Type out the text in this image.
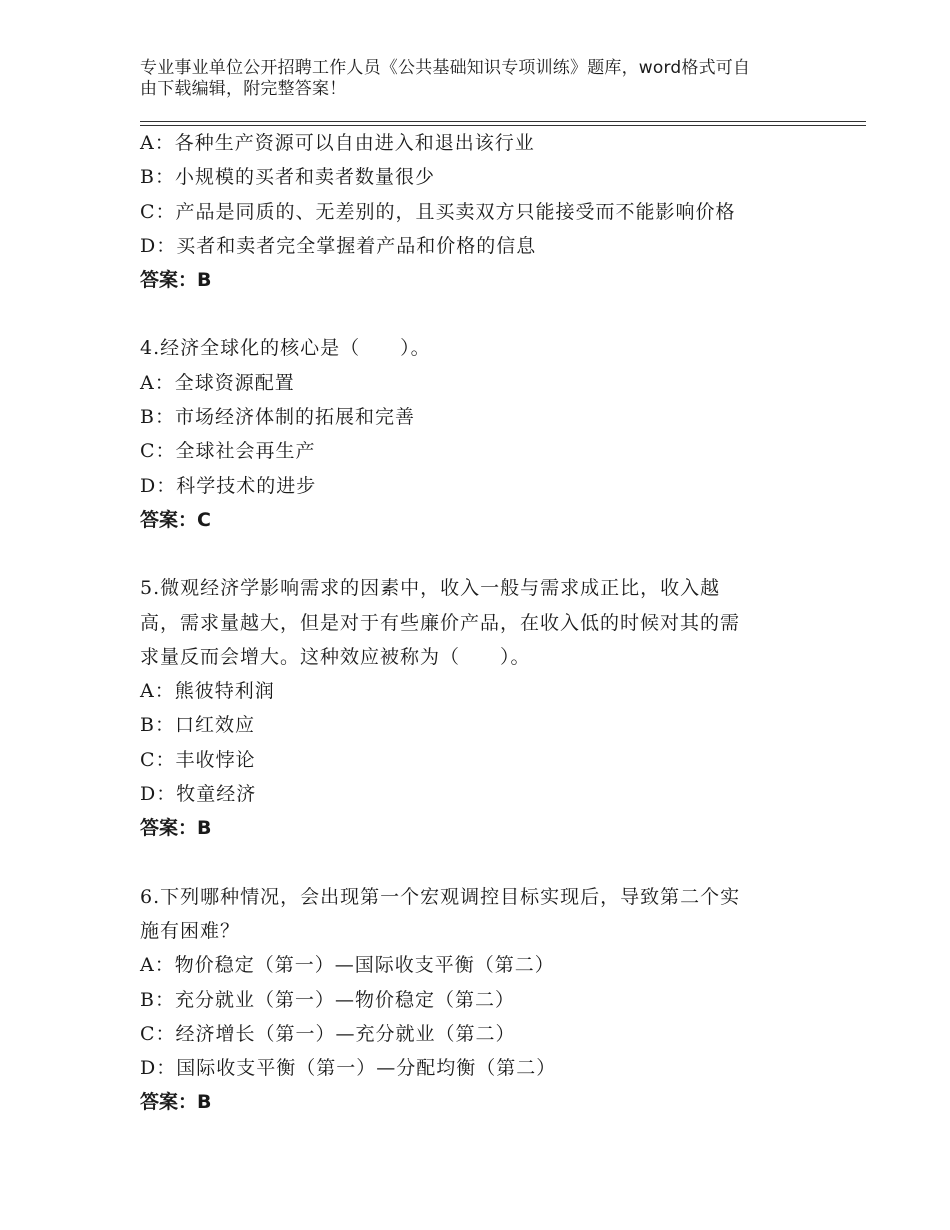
专业事业单位公开招聘工作人员《公共基础知识专项训练》题库，word格式可自
由下载编辑，附完整答案！
A：各种生产资源可以自由进入和退出该行业
B：小规模的买者和卖者数量很少
C：产品是同质的、无差别的，且买卖双方只能接受而不能影响价格
D：买者和卖者完全掌握着产品和价格的信息
答案：B
4.经济全球化的核心是（　　）。
A：全球资源配置
B：市场经济体制的拓展和完善
C：全球社会再生产
D：科学技术的进步
答案：C
5.微观经济学影响需求的因素中，收入一般与需求成正比，收入越
高，需求量越大，但是对于有些廉价产品，在收入低的时候对其的需
求量反而会增大。这种效应被称为（　　）。
A：熊彼特利润
B：口红效应
C：丰收悖论
D：牧童经济
答案：B
6.下列哪种情况，会出现第一个宏观调控目标实现后，导致第二个实
施有困难？
A：物价稳定（第一）—国际收支平衡（第二）
B：充分就业（第一）—物价稳定（第二）
C：经济增长（第一）—充分就业（第二）
D：国际收支平衡（第一）—分配均衡（第二）
答案：B
